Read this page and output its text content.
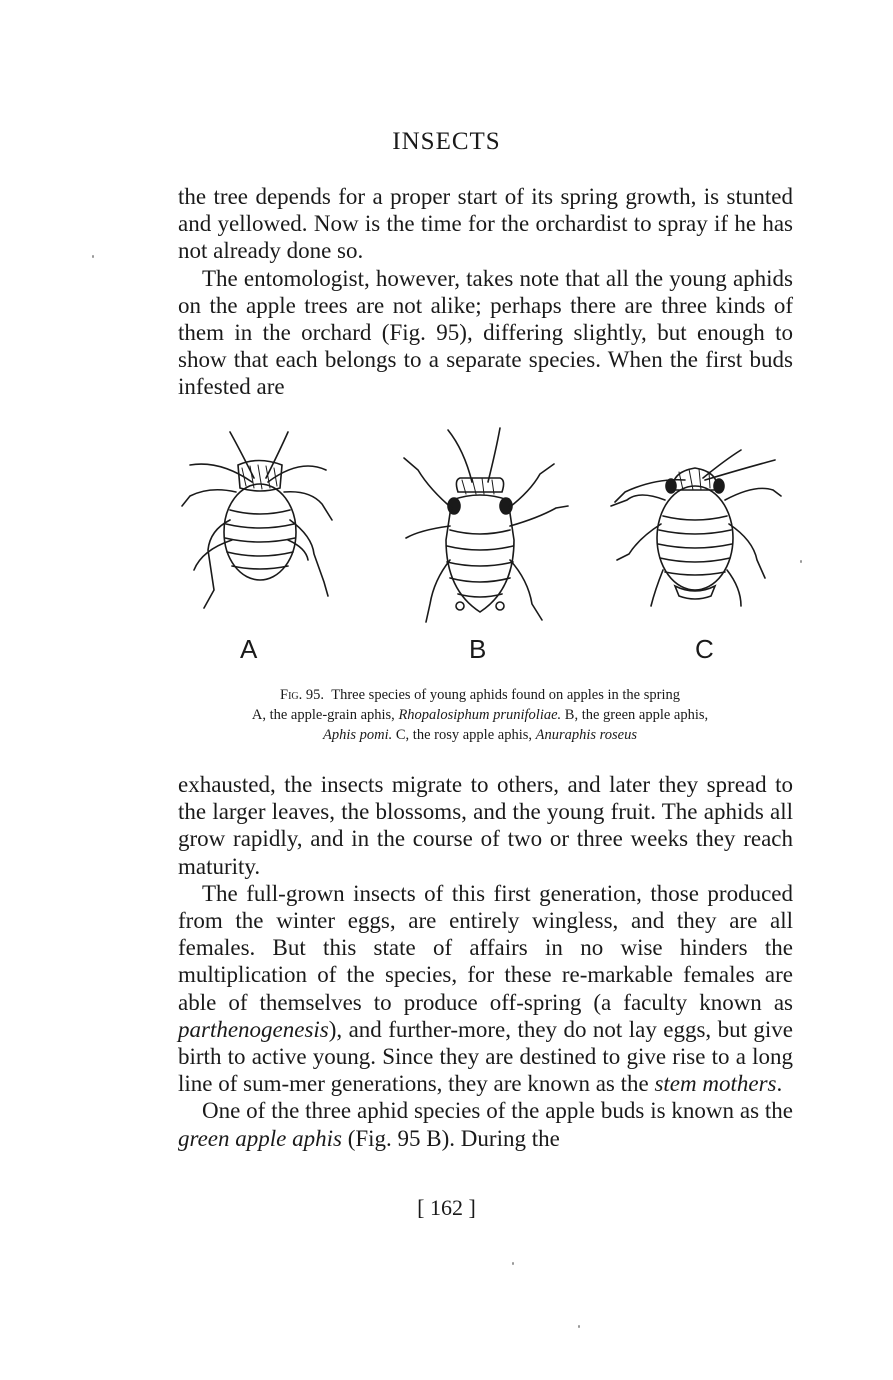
INSECTS

the tree depends for a proper start of its spring growth, is stunted and yellowed. Now is the time for the orchardist to spray if he has not already done so.

The entomologist, however, takes note that all the young aphids on the apple trees are not alike; perhaps there are three kinds of them in the orchard (Fig. 95), differing slightly, but enough to show that each belongs to a separate species. When the first buds infested are

A	B	C
Fig. 95. Three species of young aphids found on apples in the spring
A, the apple-grain aphis, Rhopalosiphum prunifoliae. B, the green apple aphis,
Aphis pomi. C, the rosy apple aphis, Anuraphis roseus

exhausted, the insects migrate to others, and later they spread to the larger leaves, the blossoms, and the young fruit. The aphids all grow rapidly, and in the course of two or three weeks they reach maturity.

The full-grown insects of this first generation, those produced from the winter eggs, are entirely wingless, and they are all females. But this state of affairs in no wise hinders the multiplication of the species, for these re-markable females are able of themselves to produce off-spring (a faculty known as parthenogenesis), and further-more, they do not lay eggs, but give birth to active young. Since they are destined to give rise to a long line of sum-mer generations, they are known as the stem mothers.

One of the three aphid species of the apple buds is known as the green apple aphis (Fig. 95 B). During the

[ 162 ]
